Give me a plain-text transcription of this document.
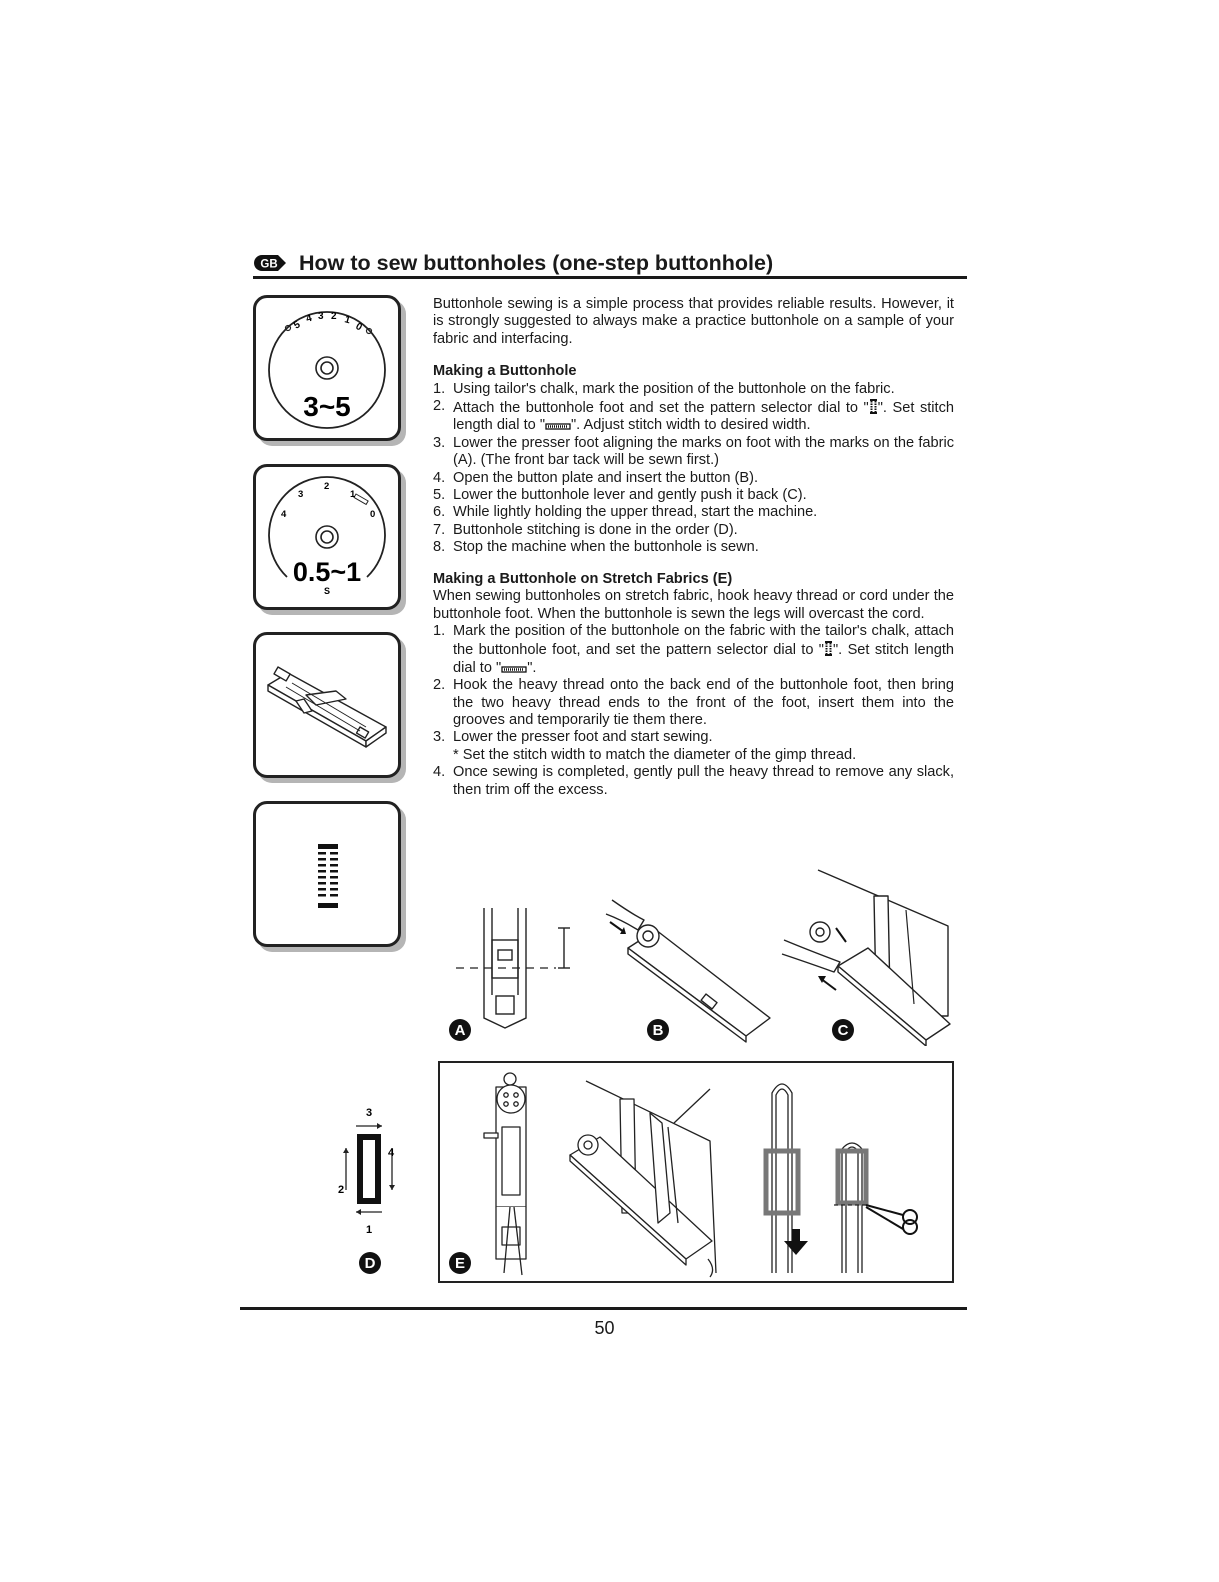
GB How to sew buttonholes (one-step buttonhole)
5
4 3 2 1
0
3~5
4
3
2
1
0
0.5~1
S

Buttonhole sewing is a simple process that provides reliable results. However, it is strongly suggested to always make a practice buttonhole on a sample of your fabric and interfacing.

Making a Buttonhole

1. Using tailor's chalk, mark the position of the buttonhole on the fabric.
2. Attach the buttonhole foot and set the pattern selector dial to " ". Set stitch length dial to " ". Adjust stitch width to desired width.
3. Lower the presser foot aligning the marks on foot with the marks on the fabric (A). (The front bar tack will be sewn first.)
4. Open the button plate and insert the button (B).
5. Lower the buttonhole lever and gently push it back (C).
6. While lightly holding the upper thread, start the machine.
7. Buttonhole stitching is done in the order (D).
8. Stop the machine when the buttonhole is sewn.

Making a Buttonhole on Stretch Fabrics (E)

When sewing buttonholes on stretch fabric, hook heavy thread or cord under the buttonhole foot. When the buttonhole is sewn the legs will overcast the cord.

1. Mark the position of the buttonhole on the fabric with the tailor's chalk, attach the buttonhole foot, and set the pattern selector dial to " ". Set stitch length dial to " ".
2. Hook the heavy thread onto the back end of the buttonhole foot, then bring the two heavy thread ends to the front of the foot, insert them into the grooves and temporarily tie them there.
3. Lower the presser foot and start sewing.
* Set the stitch width to match the diameter of the gimp thread.
4. Once sewing is completed, gently pull the heavy thread to remove any slack, then trim off the excess.
A	B	C
3
1
2
4
D	E
50
